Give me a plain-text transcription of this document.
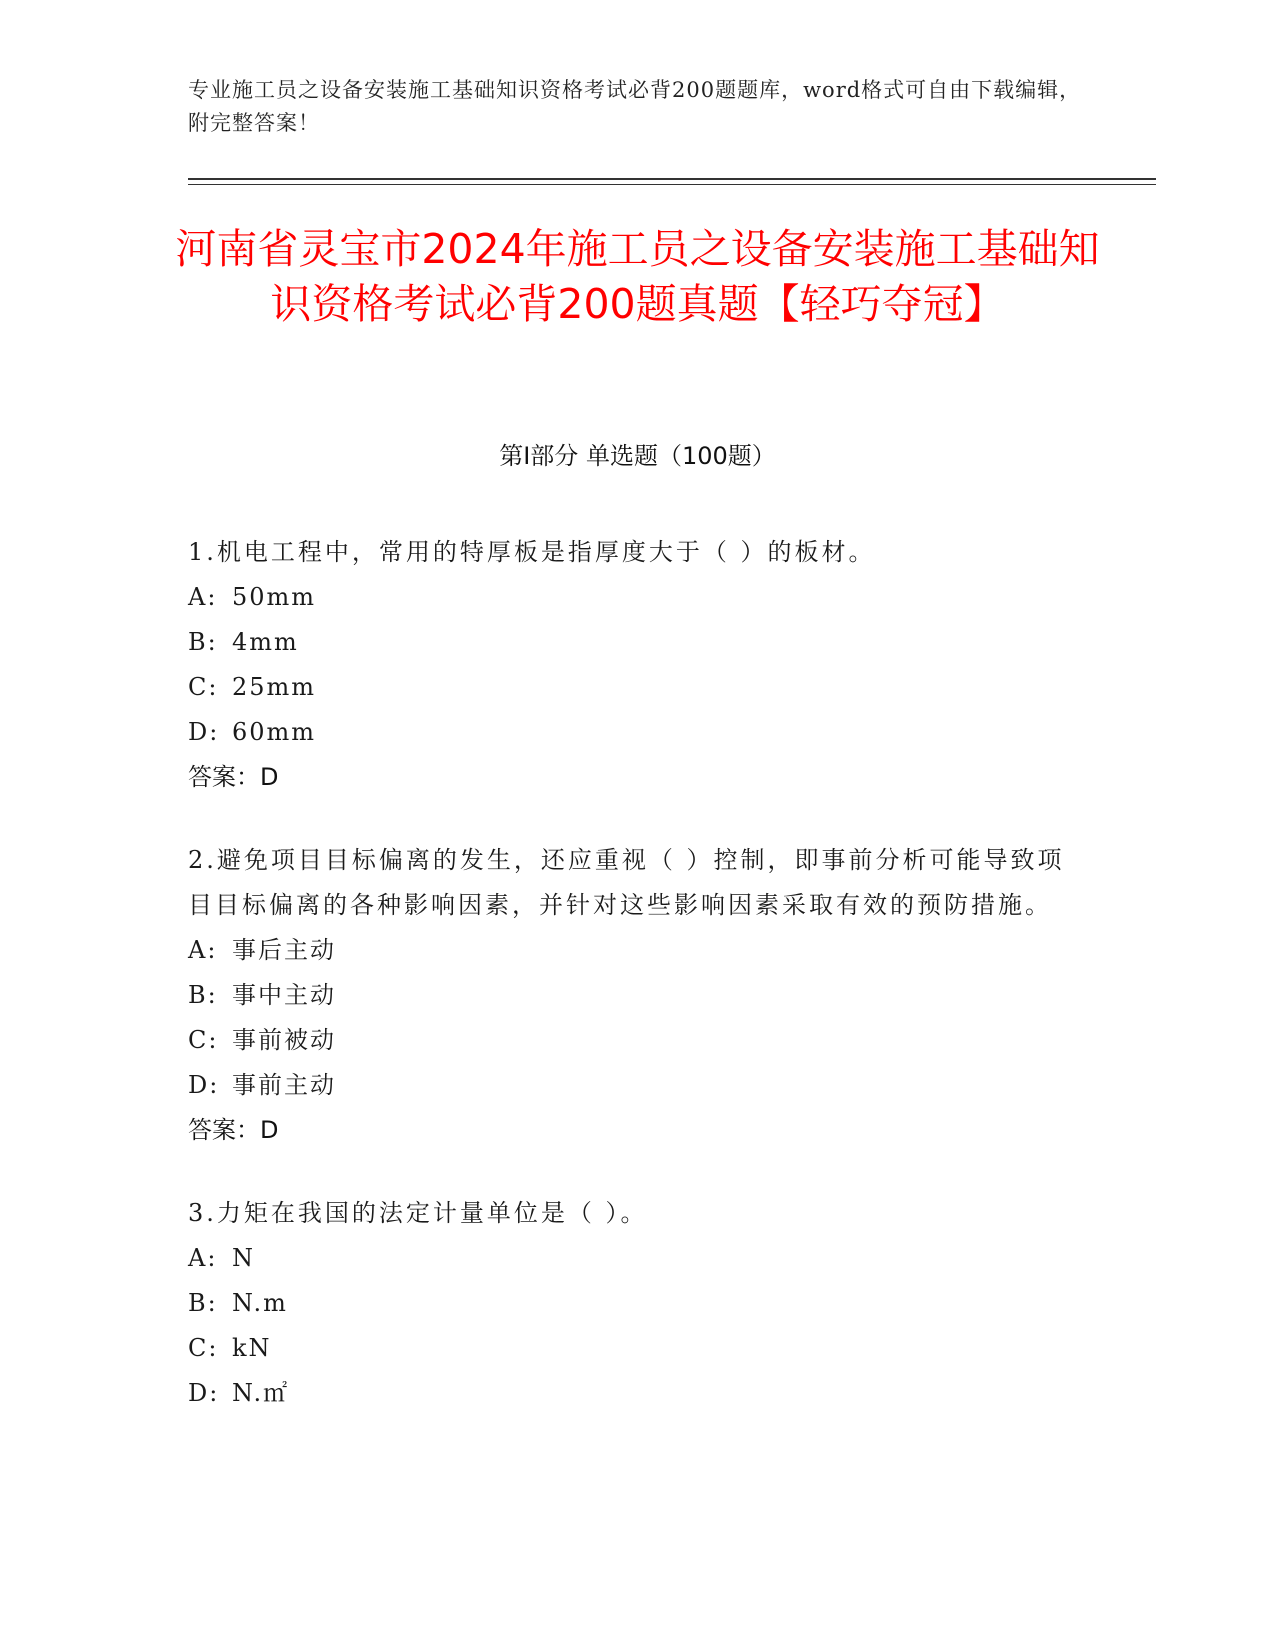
专业施工员之设备安装施工基础知识资格考试必背200题题库，word格式可自由下载编辑，附完整答案！
河南省灵宝市2024年施工员之设备安装施工基础知识资格考试必背200题真题【轻巧夺冠】
第I部分 单选题（100题）
1.机电工程中，常用的特厚板是指厚度大于（ ）的板材。
A: 50mm
B: 4mm
C: 25mm
D: 60mm
答案：D
2.避免项目目标偏离的发生，还应重视（ ）控制，即事前分析可能导致项目目标偏离的各种影响因素，并针对这些影响因素采取有效的预防措施。
A: 事后主动
B: 事中主动
C: 事前被动
D: 事前主动
答案：D
3.力矩在我国的法定计量单位是（ ）。
A: N
B: N.m
C: kN
D: N.㎡
